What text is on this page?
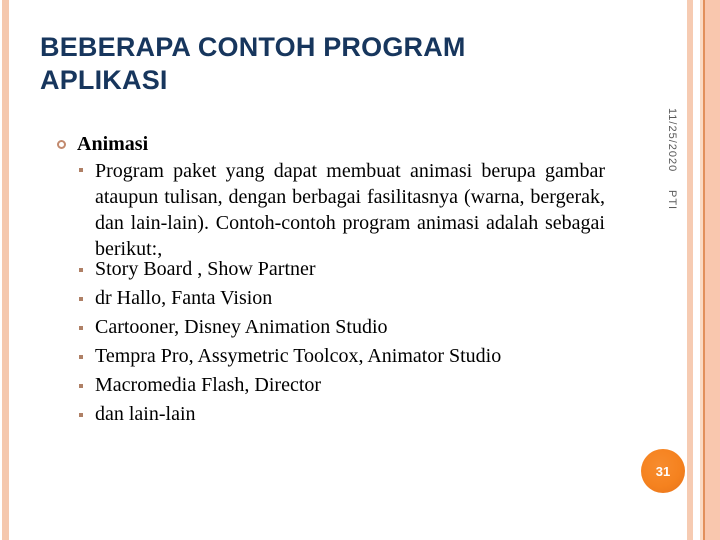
BEBERAPA CONTOH PROGRAM APLIKASI
Animasi
Program paket yang dapat membuat animasi berupa gambar ataupun tulisan, dengan berbagai fasilitasnya (warna, bergerak, dan lain-lain). Contoh-contoh program animasi adalah sebagai berikut:,
Story Board , Show Partner
dr Hallo, Fanta Vision
Cartooner, Disney Animation Studio
Tempra Pro, Assymetric Toolcox, Animator Studio
Macromedia Flash, Director
dan lain-lain
11/25/2020
PTI
31
